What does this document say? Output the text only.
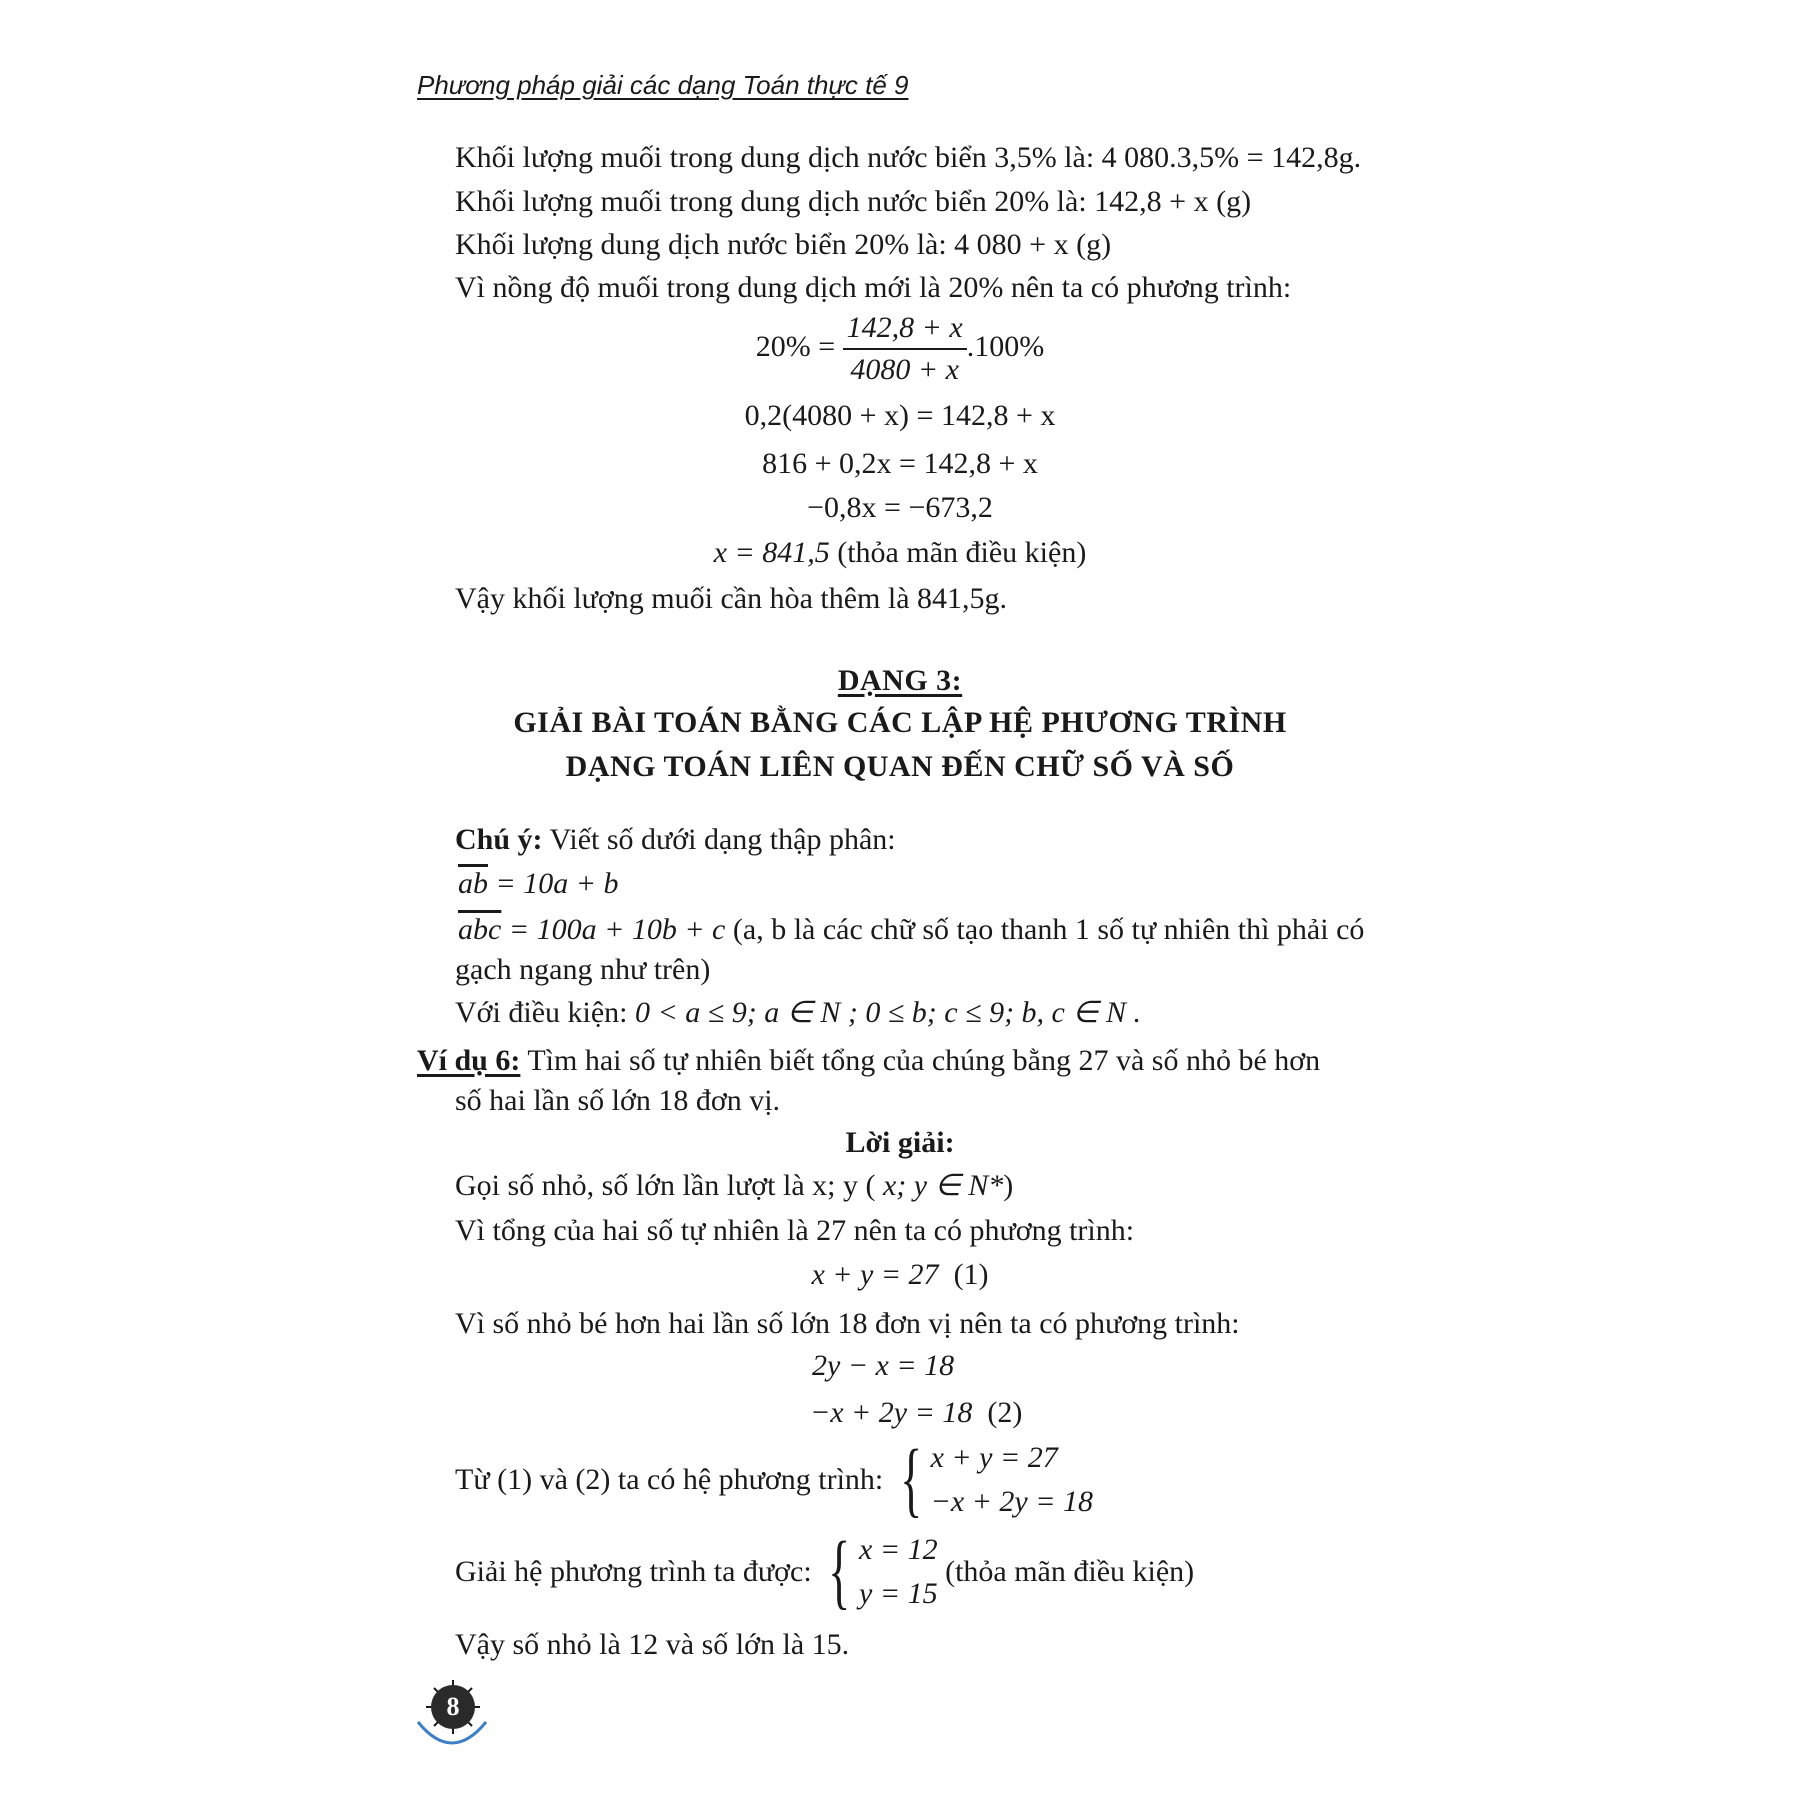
Phương pháp giải các dạng Toán thực tế 9
Khối lượng muối trong dung dịch nước biển 3,5% là: 4 080.3,5% = 142,8g.
Khối lượng muối trong dung dịch nước biển 20% là: 142,8 + x (g)
Khối lượng dung dịch nước biển 20% là: 4 080 + x (g)
Vì nồng độ muối trong dung dịch mới là 20% nên ta có phương trình:
$20\% = \frac{142,8 + x}{4080 + x} .100\%$
0,2(4080 + x) = 142,8 + x
816 + 0,2x = 142,8 + x
−0,8x = −673,2
x = 841,5 (thỏa mãn điều kiện)
Vậy khối lượng muối cần hòa thêm là 841,5g.
DẠNG 3:
GIẢI BÀI TOÁN BẰNG CÁC LẬP HỆ PHƯƠNG TRÌNH
DẠNG TOÁN LIÊN QUAN ĐẾN CHỮ SỐ VÀ SỐ
Chú ý: Viết số dưới dạng thập phân:
$\overline{ab} = 10a + b$
$\overline{abc} = 100a + 10b + c$ (a, b là các chữ số tạo thanh 1 số tự nhiên thì phải có
gạch ngang như trên)
Với điều kiện: 0 < a ≤ 9; a ∈ N ; 0 ≤ b; c ≤ 9; b, c ∈ N .
Ví dụ 6: Tìm hai số tự nhiên biết tổng của chúng bằng 27 và số nhỏ bé hơn
số hai lần số lớn 18 đơn vị.
Lời giải:
Gọi số nhỏ, số lớn lần lượt là x; y ( x; y ∈ N*)
Vì tổng của hai số tự nhiên là 27 nên ta có phương trình:
x + y = 27 (1)
Vì số nhỏ bé hơn hai lần số lớn 18 đơn vị nên ta có phương trình:
2y − x = 18
−x + 2y = 18 (2)
Từ (1) và (2) ta có hệ phương trình: { x + y = 27
−x + 2y = 18
Giải hệ phương trình ta được: { x = 12
y = 15
(thỏa mãn điều kiện)
Vậy số nhỏ là 12 và số lớn là 15.
8
